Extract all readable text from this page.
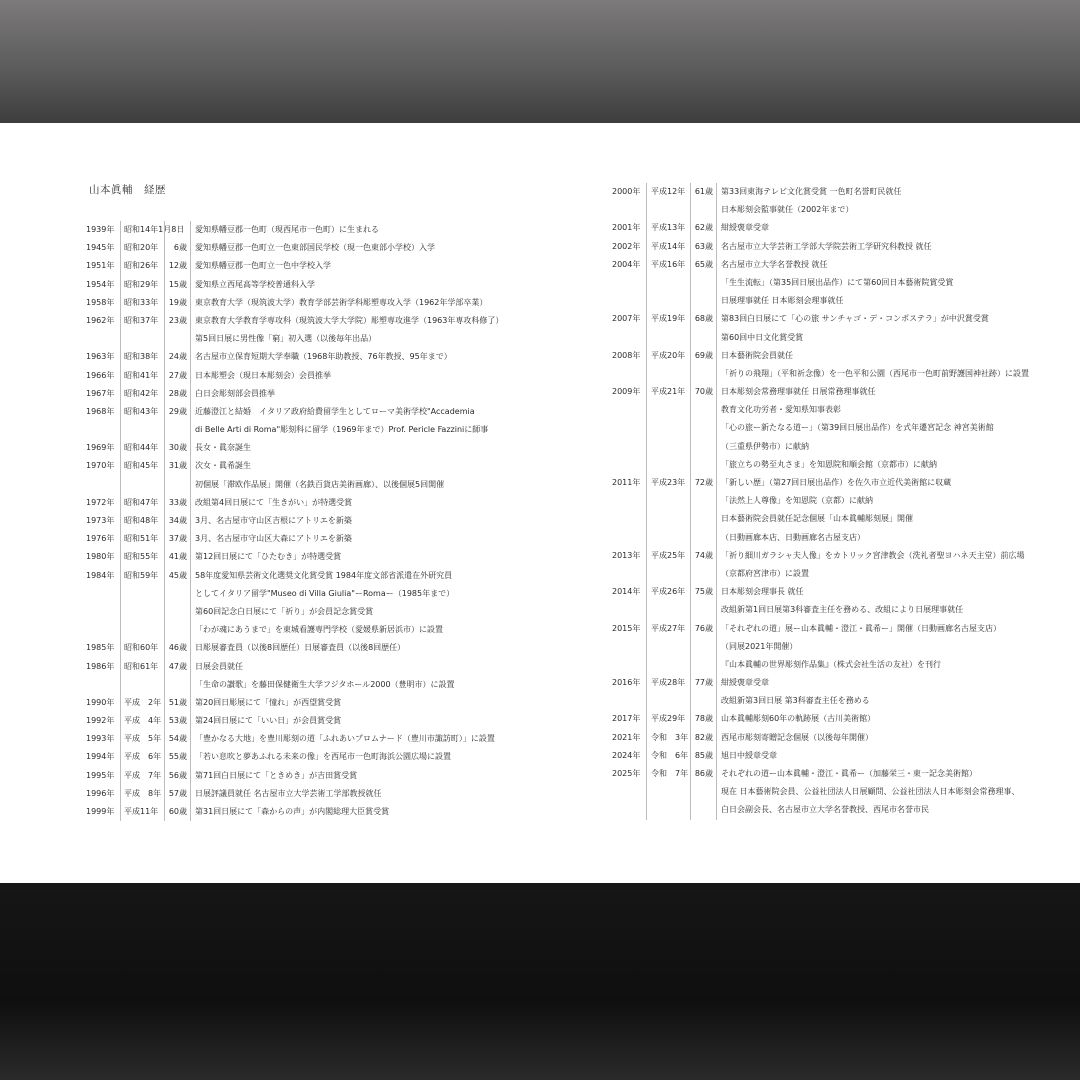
山本眞輔　経歴
1939年	昭和14年1月8日	愛知県幡豆郡一色町（現西尾市一色町）に生まれる
1945年	昭和20年	6歳	愛知県幡豆郡一色町立一色東部国民学校（現一色東部小学校）入学
1951年	昭和26年	12歳	愛知県幡豆郡一色町立一色中学校入学
1954年	昭和29年	15歳	愛知県立西尾高等学校普通科入学
1958年	昭和33年	19歳	東京教育大学（現筑波大学）教育学部芸術学科彫塑専攻入学（1962年学部卒業）
1962年	昭和37年	23歳	東京教育大学教育学専攻科（現筑波大学大学院）彫塑専攻進学（1963年専攻科修了）
第5回日展に男性像「窮」初入選（以後毎年出品）
1963年	昭和38年	24歳	名古屋市立保育短期大学奉職（1968年助教授、76年教授、95年まで）
1966年	昭和41年	27歳	日本彫塑会（現日本彫刻会）会員推挙
1967年	昭和42年	28歳	白日会彫刻部会員推挙
1968年	昭和43年	29歳	近藤澄江と結婚　イタリア政府給費留学生としてローマ美術学校"Accademia
di Belle Arti di Roma"彫刻科に留学（1969年まで）Prof. Pericle Fazziniに師事
1969年	昭和44年	30歳	長女・眞奈誕生
1970年	昭和45年	31歳	次女・眞希誕生
初個展「滞欧作品展」開催（名鉄百貨店美術画廊）、以後個展5回開催
1972年	昭和47年	33歳	改組第4回日展にて「生きがい」が特選受賞
1973年	昭和48年	34歳	3月、名古屋市守山区吉根にアトリエを新築
1976年	昭和51年	37歳	3月、名古屋市守山区大森にアトリエを新築
1980年	昭和55年	41歳	第12回日展にて「ひたむき」が特選受賞
1984年	昭和59年	45歳	58年度愛知県芸術文化選奨文化賞受賞 1984年度文部省派遣在外研究員
としてイタリア留学"Museo di Villa Giulia"ーRomaー（1985年まで）
第60回記念白日展にて「祈り」が会員記念賞受賞
「わが魂にあうまで」を東城看護専門学校（愛媛県新居浜市）に設置
1985年	昭和60年	46歳	日彫展審査員（以後8回歴任）日展審査員（以後8回歴任）
1986年	昭和61年	47歳	日展会員就任
「生命の讃歌」を藤田保健衛生大学フジタホール2000（豊明市）に設置
1990年	平成　2年 51歳	第20回日彫展にて「憧れ」が西望賞受賞
1992年	平成　4年 53歳	第24回日展にて「いい日」が会員賞受賞
1993年	平成　5年 54歳	「豊かなる大地」を豊川彫刻の道「ふれあいプロムナード（豊川市諏訪町）」に設置
1994年	平成　6年 55歳	「若い息吹と夢あふれる未来の像」を西尾市一色町海浜公園広場に設置
1995年	平成　7年 56歳	第71回白日展にて「ときめき」が吉田賞受賞
1996年	平成　8年 57歳	日展評議員就任 名古屋市立大学芸術工学部教授就任
1999年	平成11年	60歳	第31回日展にて「森からの声」が内閣総理大臣賞受賞
2000年	平成12年	61歳	第33回東海テレビ文化賞受賞 一色町名誉町民就任
日本彫刻会監事就任（2002年まで）
2001年	平成13年	62歳	紺綬褒章受章
2002年	平成14年	63歳	名古屋市立大学芸術工学部大学院芸術工学研究科教授 就任
2004年	平成16年	65歳	名古屋市立大学名誉教授 就任
「生生流転」（第35回日展出品作）にて第60回日本藝術院賞受賞
日展理事就任 日本彫刻会理事就任
2007年	平成19年	68歳	第83回白日展にて「心の旅 サンチャゴ・デ・コンポステラ」が中沢賞受賞
第60回中日文化賞受賞
2008年	平成20年	69歳	日本藝術院会員就任
「祈りの飛翔」（平和祈念像）を一色平和公園（西尾市一色町前野護国神社跡）に設置
2009年	平成21年	70歳	日本彫刻会常務理事就任 日展常務理事就任
教育文化功労者・愛知県知事表彰
「心の旅ー新たなる道ー」（第39回日展出品作）を式年遷宮記念 神宮美術館
（三重県伊勢市）に献納
「旅立ちの勢至丸さま」を知恩院和順会館（京都市）に献納
2011年	平成23年	72歳	「新しい歴」（第27回日展出品作）を佐久市立近代美術館に収蔵
「法然上人尊像」を知恩院（京都）に献納
日本藝術院会員就任記念個展「山本眞輔彫刻展」開催
（日動画廊本店、日動画廊名古屋支店）
2013年	平成25年	74歳	「祈り細川ガラシャ夫人像」をカトリック宮津教会（洗礼者聖ヨハネ天主堂）前広場
（京都府宮津市）に設置
2014年	平成26年	75歳	日本彫刻会理事長 就任
改組新第1回日展第3科審査主任を務める、改組により日展理事就任
2015年	平成27年	76歳	「それぞれの道」展ー山本眞輔・澄江・眞希ー」開催（日動画廊名古屋支店）
（同展2021年開催）
『山本眞輔の世界彫刻作品集』（株式会社生活の友社）を刊行
2016年	平成28年	77歳	紺綬褒章受章
改組新第3回日展 第3科審査主任を務める
2017年	平成29年	78歳	山本眞輔彫刻60年の軌跡展（古川美術館）
2021年	令和　3年 82歳	西尾市彫刻寄贈記念個展（以後毎年開催）
2024年	令和　6年 85歳	旭日中綬章受章
2025年	令和　7年 86歳	それぞれの道ー山本眞輔・澄江・眞希ー（加藤栄三・東一記念美術館）
現在 日本藝術院会員、公益社団法人日展顧問、公益社団法人日本彫刻会常務理事、
白日会副会長、名古屋市立大学名誉教授、西尾市名誉市民
